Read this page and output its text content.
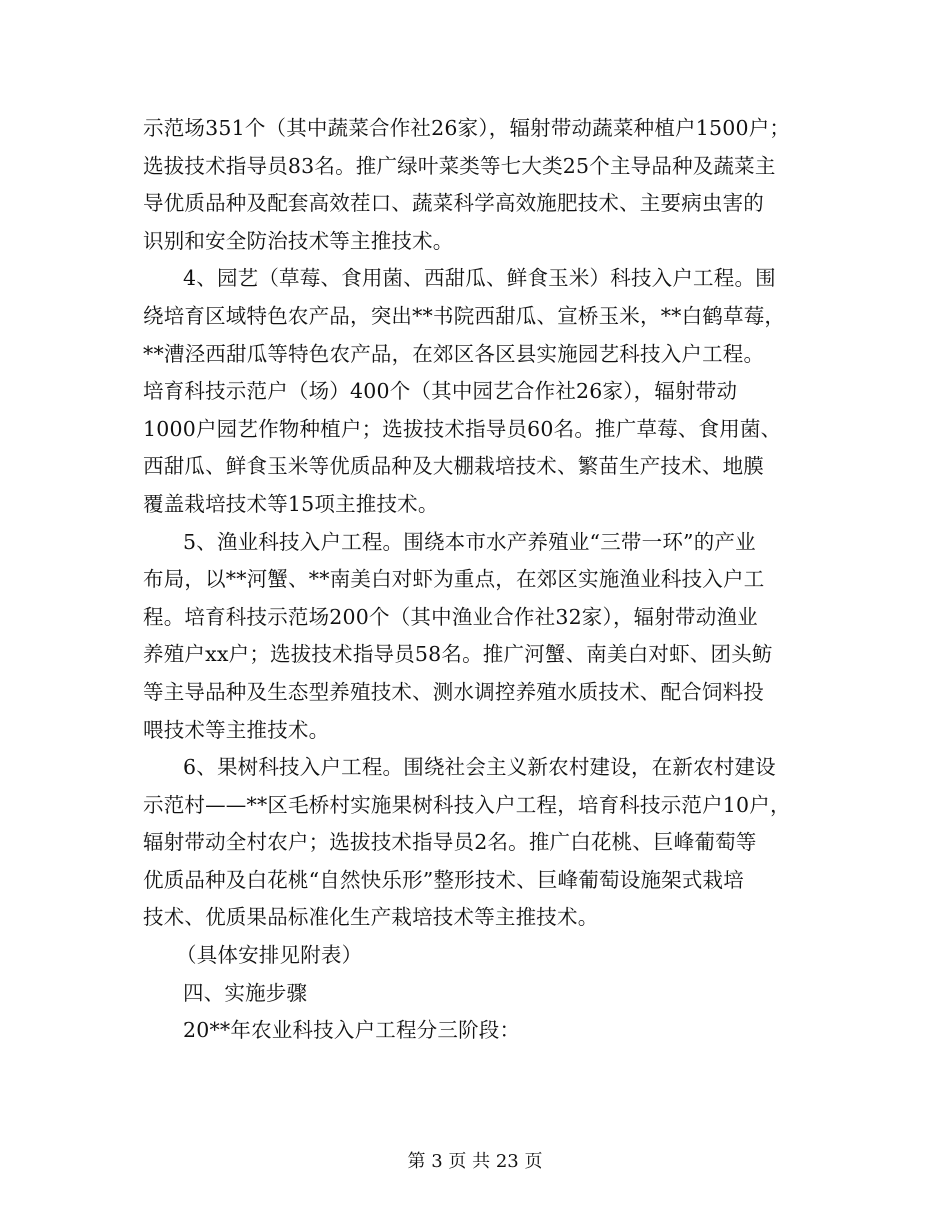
示范场351个（其中蔬菜合作社26家），辐射带动蔬菜种植户1500户；
选拔技术指导员83名。推广绿叶菜类等七大类25个主导品种及蔬菜主
导优质品种及配套高效茬口、蔬菜科学高效施肥技术、主要病虫害的
识别和安全防治技术等主推技术。
4、园艺（草莓、食用菌、西甜瓜、鲜食玉米）科技入户工程。围
绕培育区域特色农产品，突出**书院西甜瓜、宣桥玉米，**白鹤草莓，
**漕泾西甜瓜等特色农产品，在郊区各区县实施园艺科技入户工程。
培育科技示范户（场）400个（其中园艺合作社26家），辐射带动
1000户园艺作物种植户；选拔技术指导员60名。推广草莓、食用菌、
西甜瓜、鲜食玉米等优质品种及大棚栽培技术、繁苗生产技术、地膜
覆盖栽培技术等15项主推技术。
5、渔业科技入户工程。围绕本市水产养殖业“三带一环”的产业
布局，以**河蟹、**南美白对虾为重点，在郊区实施渔业科技入户工
程。培育科技示范场200个（其中渔业合作社32家），辐射带动渔业
养殖户xx户；选拔技术指导员58名。推广河蟹、南美白对虾、团头鲂
等主导品种及生态型养殖技术、测水调控养殖水质技术、配合饲料投
喂技术等主推技术。
6、果树科技入户工程。围绕社会主义新农村建设，在新农村建设
示范村——**区毛桥村实施果树科技入户工程，培育科技示范户10户，
辐射带动全村农户；选拔技术指导员2名。推广白花桃、巨峰葡萄等
优质品种及白花桃“自然快乐形”整形技术、巨峰葡萄设施架式栽培
技术、优质果品标准化生产栽培技术等主推技术。
（具体安排见附表）
四、实施步骤
20**年农业科技入户工程分三阶段：
第 3 页 共 23 页
